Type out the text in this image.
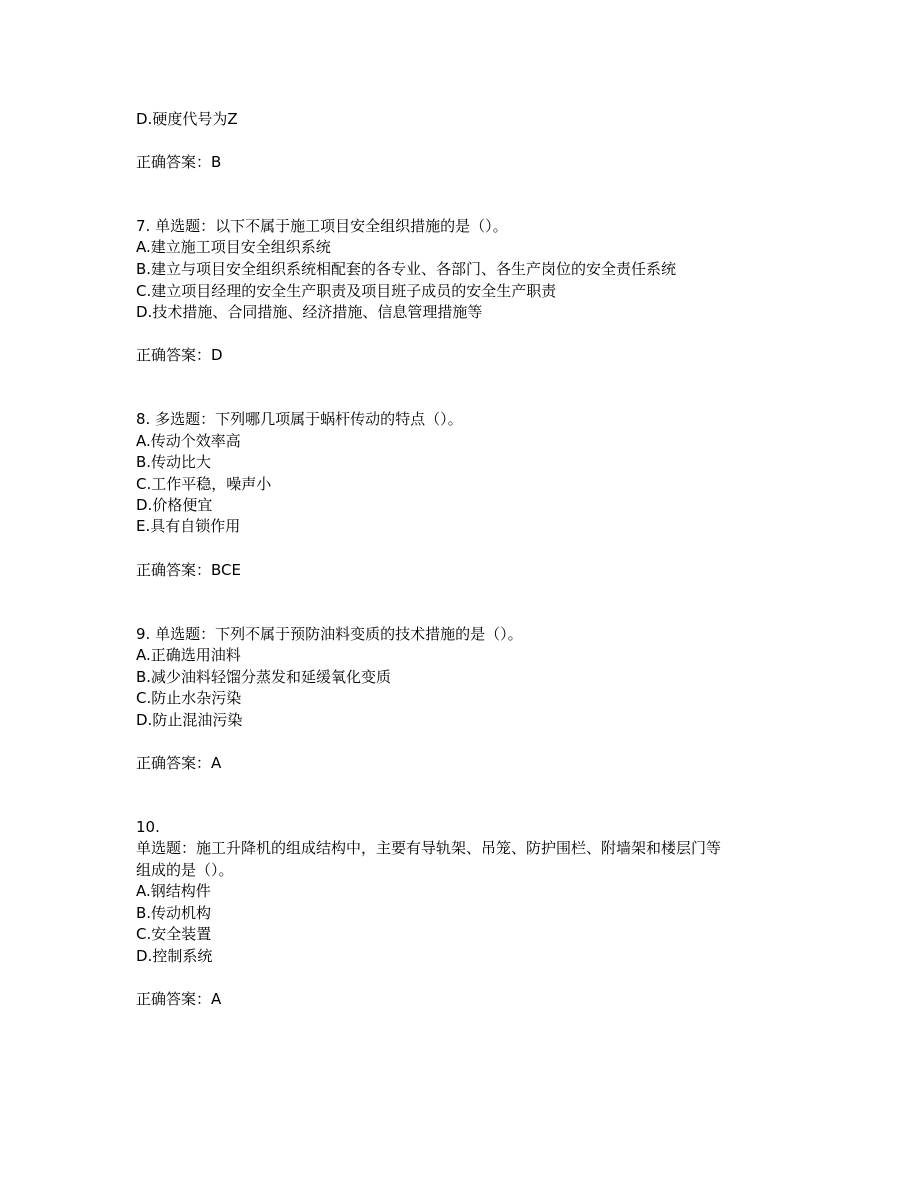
D.硬度代号为Z
正确答案：B
7. 单选题：以下不属于施工项目安全组织措施的是（）。
A.建立施工项目安全组织系统
B.建立与项目安全组织系统相配套的各专业、各部门、各生产岗位的安全责任系统
C.建立项目经理的安全生产职责及项目班子成员的安全生产职责
D.技术措施、合同措施、经济措施、信息管理措施等
正确答案：D
8. 多选题：下列哪几项属于蜗杆传动的特点（）。
A.传动个效率高
B.传动比大
C.工作平稳，噪声小
D.价格便宜
E.具有自锁作用
正确答案：BCE
9. 单选题：下列不属于预防油料变质的技术措施的是（）。
A.正确选用油料
B.减少油料轻馏分蒸发和延缓氧化变质
C.防止水杂污染
D.防止混油污染
正确答案：A
10.
单选题：施工升降机的组成结构中，主要有导轨架、吊笼、防护围栏、附墙架和楼层门等
组成的是（）。
A.钢结构件
B.传动机构
C.安全装置
D.控制系统
正确答案：A
